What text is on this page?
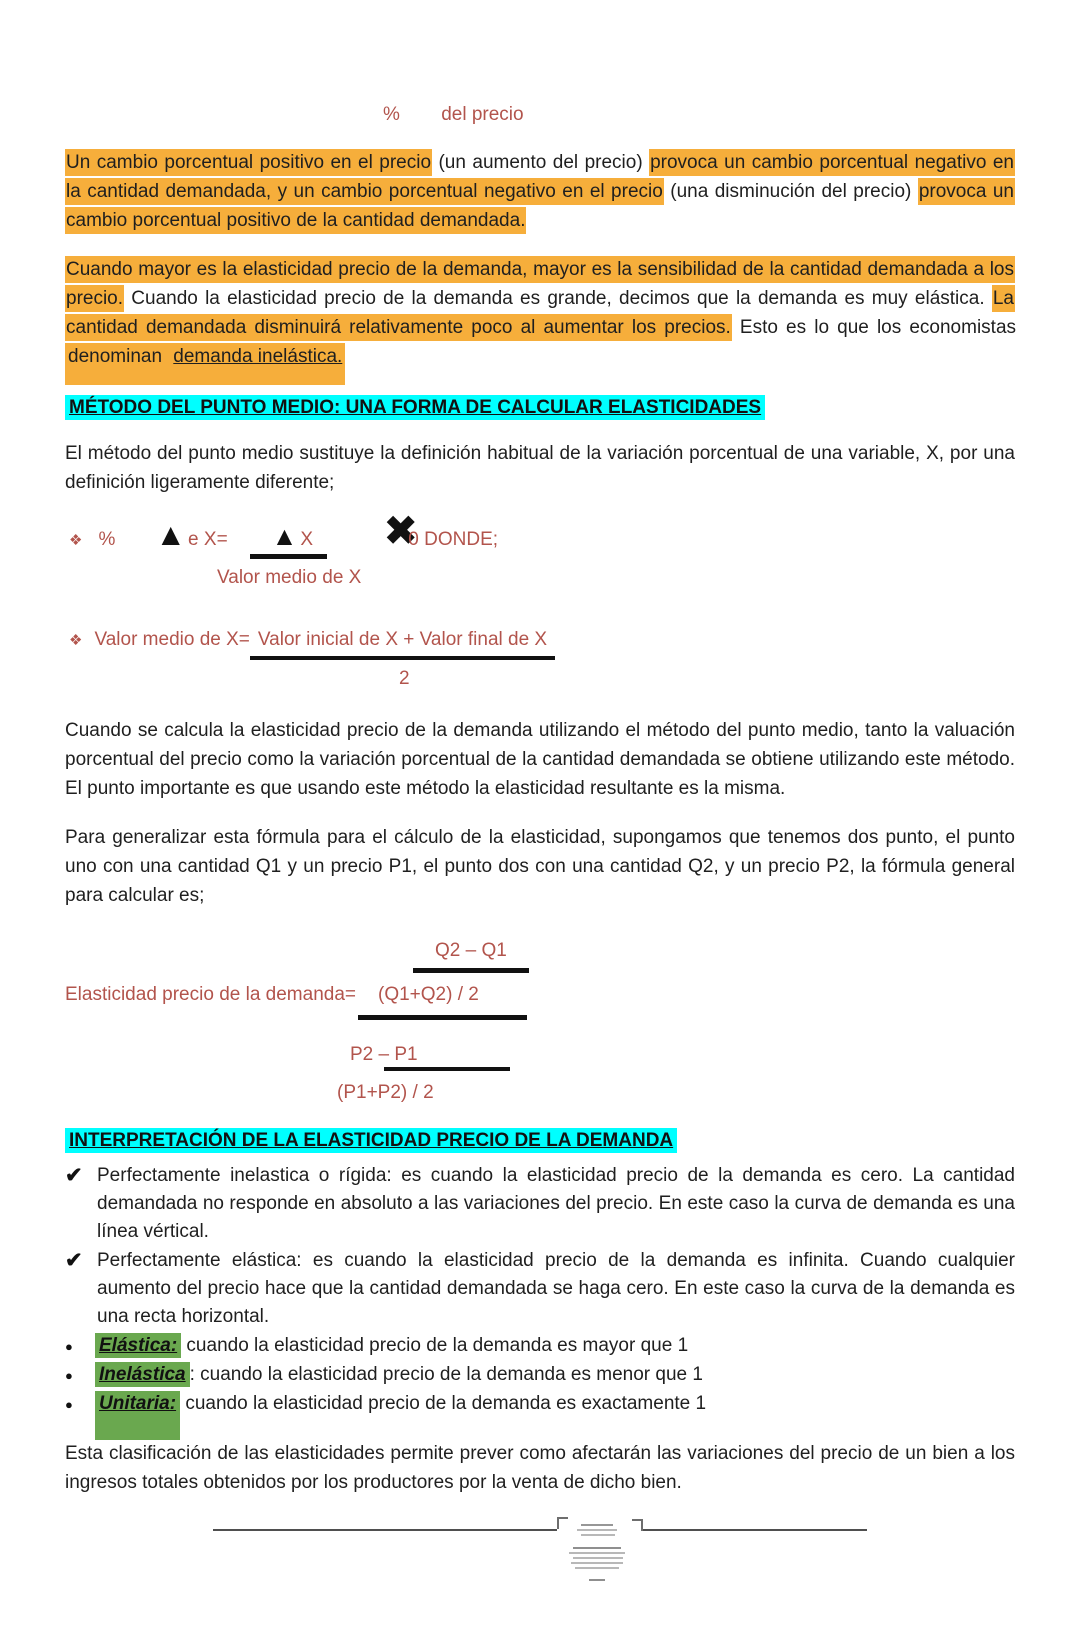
% del precio

Un cambio porcentual positivo en el precio (un aumento del precio) provoca un cambio porcentual negativo en la cantidad demandada, y un cambio porcentual negativo en el precio (una disminución del precio) provoca un cambio porcentual positivo de la cantidad demandada.

Cuando mayor es la elasticidad precio de la demanda, mayor es la sensibilidad de la cantidad demandada a los precio. Cuando la elasticidad precio de la demanda es grande, decimos que la demanda es muy elástica. La cantidad demandada disminuirá relativamente poco al aumentar los precios. Esto es lo que los economistas denominan demanda inelástica.

MÉTODO DEL PUNTO MEDIO: UNA FORMA DE CALCULAR ELASTICIDADES

El método del punto medio sustituye la definición habitual de la variación porcentual de una variable, X, por una definición ligeramente diferente;

❖ % ▲ e X= ▲ X ✖
0 DONDE;
Valor medio de X
❖ Valor medio de X= Valor inicial de X + Valor final de X
2

Cuando se calcula la elasticidad precio de la demanda utilizando el método del punto medio, tanto la valuación porcentual del precio como la variación porcentual de la cantidad demandada se obtiene utilizando este método. El punto importante es que usando este método la elasticidad resultante es la misma.

Para generalizar esta fórmula para el cálculo de la elasticidad, supongamos que tenemos dos punto, el punto uno con una cantidad Q1 y un precio P1, el punto dos con una cantidad Q2, y un precio P2, la fórmula general para calcular es;

Q2 – Q1
Elasticidad precio de la demanda=	(Q1+Q2) / 2
P2 – P1
(P1+P2) / 2
INTERPRETACIÓN DE LA ELASTICIDAD PRECIO DE LA DEMANDA
✔ Perfectamente inelastica o rígida: es cuando la elasticidad precio de la demanda es cero. La cantidad demandada no responde en absoluto a las variaciones del precio. En este caso la curva de demanda es una línea vértical.
✔ Perfectamente elástica: es cuando la elasticidad precio de la demanda es infinita. Cuando cualquier aumento del precio hace que la cantidad demandada se haga cero. En este caso la curva de la demanda es una recta horizontal.
●	Elástica: cuando la elasticidad precio de la demanda es mayor que 1
●	Inelástica : cuando la elasticidad precio de la demanda es menor que 1
●	Unitaria: cuando la elasticidad precio de la demanda es exactamente 1

Esta clasificación de las elasticidades permite prever como afectarán las variaciones del precio de un bien a los ingresos totales obtenidos por los productores por la venta de dicho bien.
